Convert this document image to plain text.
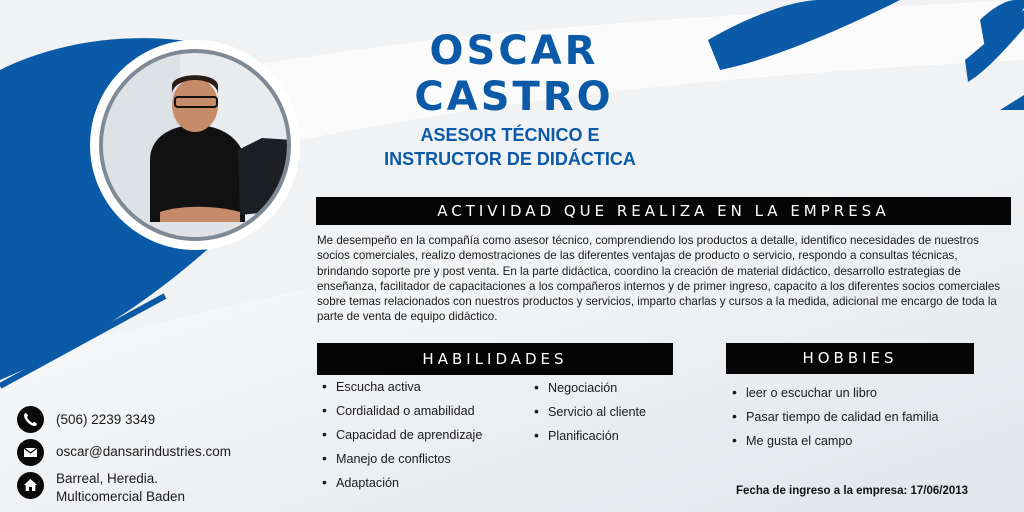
OSCAR
CASTRO
ASESOR TÉCNICO E
INSTRUCTOR DE DIDÁCTICA
ACTIVIDAD QUE REALIZA EN LA EMPRESA
Me desempeño en la compañía como asesor técnico, comprendiendo los productos a detalle, identifico necesidades de nuestros socios comerciales, realizo demostraciones de las diferentes ventajas de producto o servicio, respondo a consultas técnicas, brindando soporte pre y post venta. En la parte didáctica, coordino la creación de material didáctico, desarrollo estrategias de enseñanza, facilitador de capacitaciones a los compañeros internos y de primer ingreso, capacito a los diferentes socios comerciales sobre temas relacionados con nuestros productos y servicios, imparto charlas y cursos a la medida, adicional me encargo de toda la parte de venta de equipo didáctico.
HABILIDADES
• Escucha activa
• Cordialidad o amabilidad
• Capacidad de aprendizaje
• Manejo de conflictos
• Adaptación
• Negociación
• Servicio al cliente
• Planificación
HOBBIES
• leer o escuchar un libro
• Pasar tiempo de calidad en familia
• Me gusta el campo
(506) 2239 3349
oscar@dansarindustries.com
Barreal, Heredia.
Multicomercial Baden	Fecha de ingreso a la empresa: 17/06/2013
